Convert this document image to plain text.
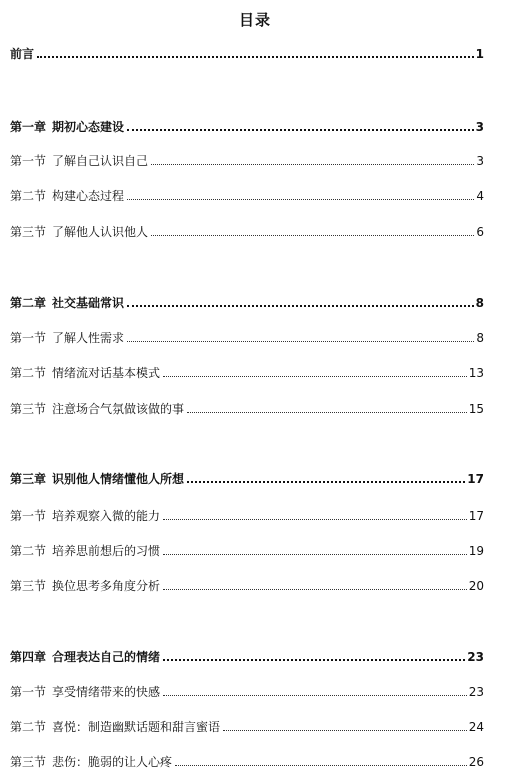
目录
前言	1
第一章 期初心态建设	3
第一节 了解自己认识自己	3
第二节 构建心态过程	4
第三节 了解他人认识他人	6
第二章 社交基础常识	8
第一节 了解人性需求	8
第二节 情绪流对话基本模式	13
第三节 注意场合气氛做该做的事	15
第三章 识别他人情绪懂他人所想	17
第一节 培养观察入微的能力	17
第二节 培养思前想后的习惯	19
第三节 换位思考多角度分析	20
第四章 合理表达自己的情绪	23
第一节 享受情绪带来的快感	23
第二节 喜悦：制造幽默话题和甜言蜜语	24
第三节 悲伤：脆弱的让人心疼	26
